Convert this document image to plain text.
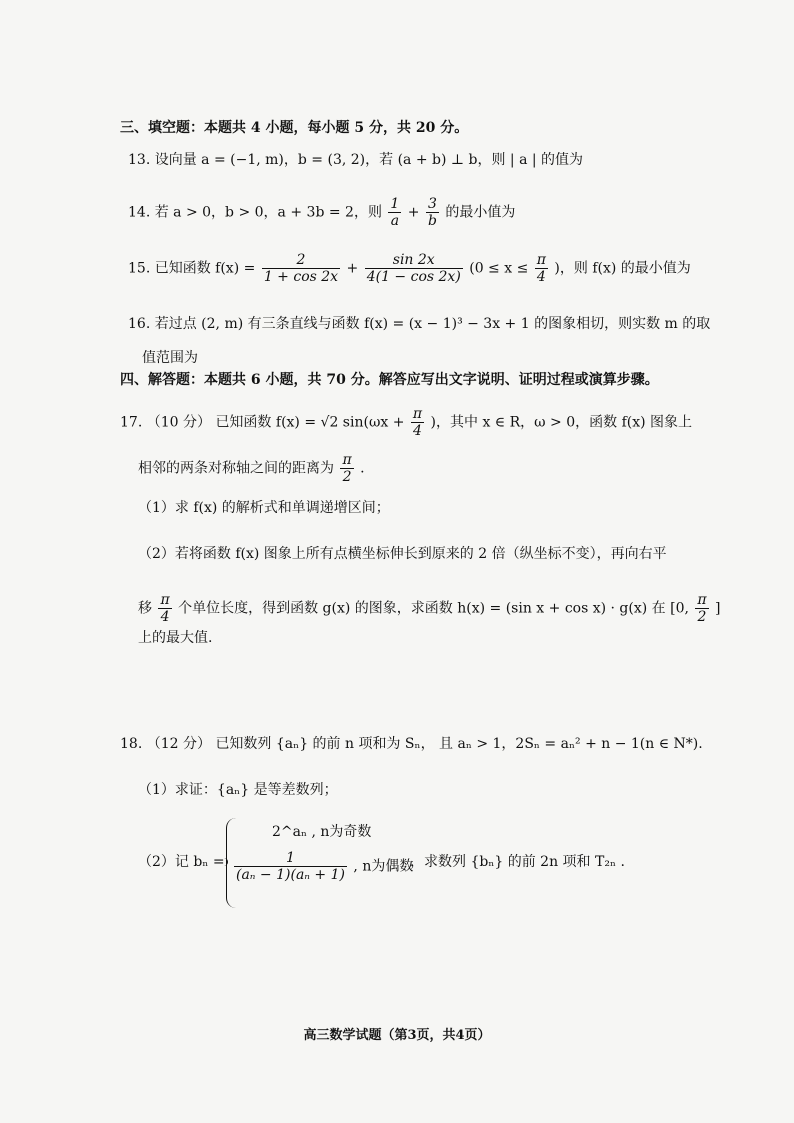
三、填空题：本题共 4 小题，每小题 5 分，共 20 分。
13. 设向量 a = (−1, m)，b = (3, 2)，若 (a + b) ⊥ b，则 | a | 的值为
14. 若 a > 0，b > 0，a + 3b = 2，则 $\frac{1}{a} + \frac{3}{b}$ 的最小值为
15. 已知函数 $f(x) = \frac{2}{1 + \cos 2x} + \frac{\sin 2x}{4(1 - \cos 2x)} (0 \le x \le \frac{\pi}{4}$ )，则 f(x) 的最小值为
16. 若过点 (2, m) 有三条直线与函数 f(x) = (x − 1)³ − 3x + 1 的图象相切，则实数 m 的取
值范围为
四、解答题：本题共 6 小题，共 70 分。解答应写出文字说明、证明过程或演算步骤。
17. （10 分） 已知函数 f(x) = √2 $\sin(\omega x + \frac{\pi}{4}$ )，其中 x ∈ R，ω > 0，函数 f(x) 图象上
相邻的两条对称轴之间的距离为 $\frac{\pi}{2}$ .
（1）求 f(x) 的解析式和单调递增区间；
（2）若将函数 f(x) 图象上所有点横坐标伸长到原来的 2 倍（纵坐标不变），再向右平
移 $\frac{\pi}{4}$ 个单位长度，得到函数 g(x) 的图象，求函数 h(x) = (sin x + cos x) · g(x) 在 [0, $\frac{\pi}{2}$ ]
上的最大值.
18. （12 分） 已知数列 {aₙ} 的前 n 项和为 Sₙ， 且 aₙ > 1，2Sₙ = aₙ² + n − 1(n ∈ N*).
（1）求证：{aₙ} 是等差数列；
（2）记 bₙ =
2^aₙ , n为奇数
$\frac{1}{\text{(aₙ − 1)(aₙ + 1)}}$ , n为偶数
，求数列 {bₙ} 的前 2n 项和 T₂ₙ .
高三数学试题（第3页，共4页）
